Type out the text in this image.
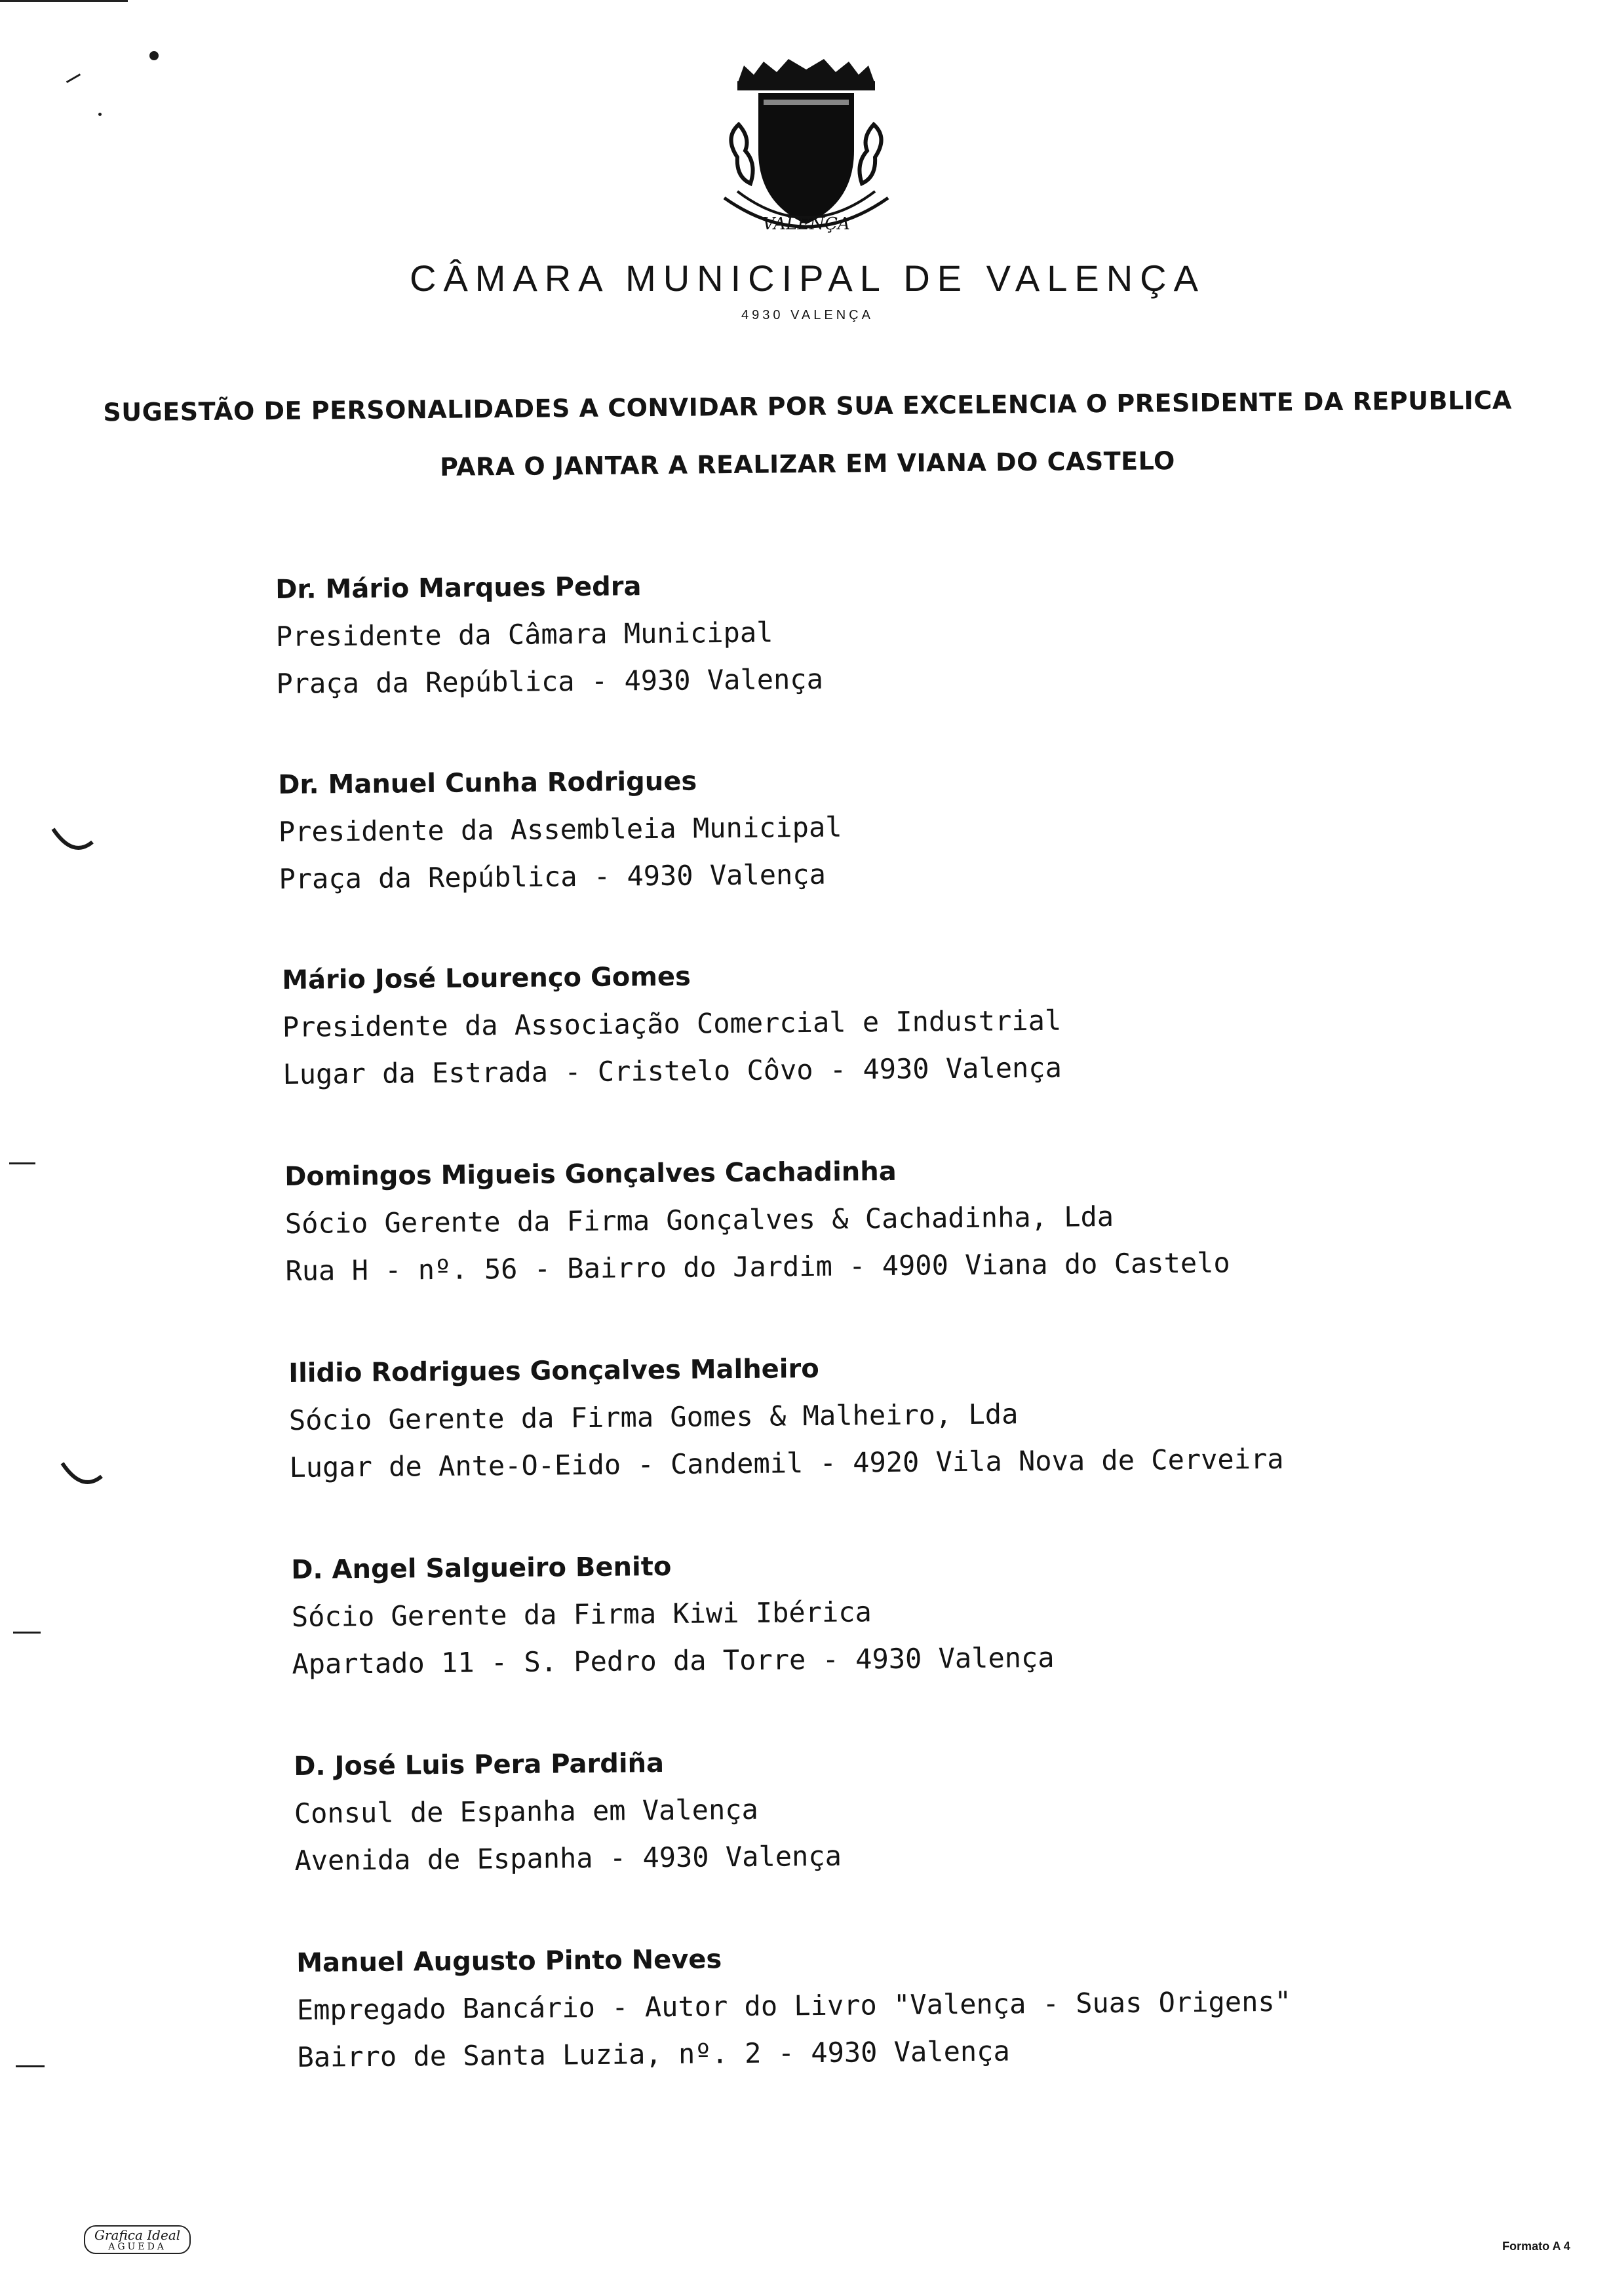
VALENÇA
CÂMARA MUNICIPAL DE VALENÇA
4930 VALENÇA
SUGESTÃO DE PERSONALIDADES A CONVIDAR POR SUA EXCELENCIA O PRESIDENTE DA REPUBLICA
PARA O JANTAR A REALIZAR EM VIANA DO CASTELO
Dr. Mário Marques Pedra
Presidente da Câmara Municipal
Praça da República - 4930 Valença
Dr. Manuel Cunha Rodrigues
Presidente da Assembleia Municipal
Praça da República - 4930 Valença
Mário José Lourenço Gomes
Presidente da Associação Comercial e Industrial
Lugar da Estrada - Cristelo Côvo - 4930 Valença
Domingos Migueis Gonçalves Cachadinha
Sócio Gerente da Firma Gonçalves & Cachadinha, Lda
Rua H - nº. 56 - Bairro do Jardim - 4900 Viana do Castelo
Ilidio Rodrigues Gonçalves Malheiro
Sócio Gerente da Firma Gomes & Malheiro, Lda
Lugar de Ante-O-Eido - Candemil - 4920 Vila Nova de Cerveira
D. Angel Salgueiro Benito
Sócio Gerente da Firma Kiwi Ibérica
Apartado 11 - S. Pedro da Torre - 4930 Valença
D. José Luis Pera Pardiña
Consul de Espanha em Valença
Avenida de Espanha - 4930 Valença
Manuel Augusto Pinto Neves
Empregado Bancário - Autor do Livro "Valença - Suas Origens"
Bairro de Santa Luzia, nº. 2 - 4930 Valença
Grafica Ideal
AGUEDA	Formato A 4
